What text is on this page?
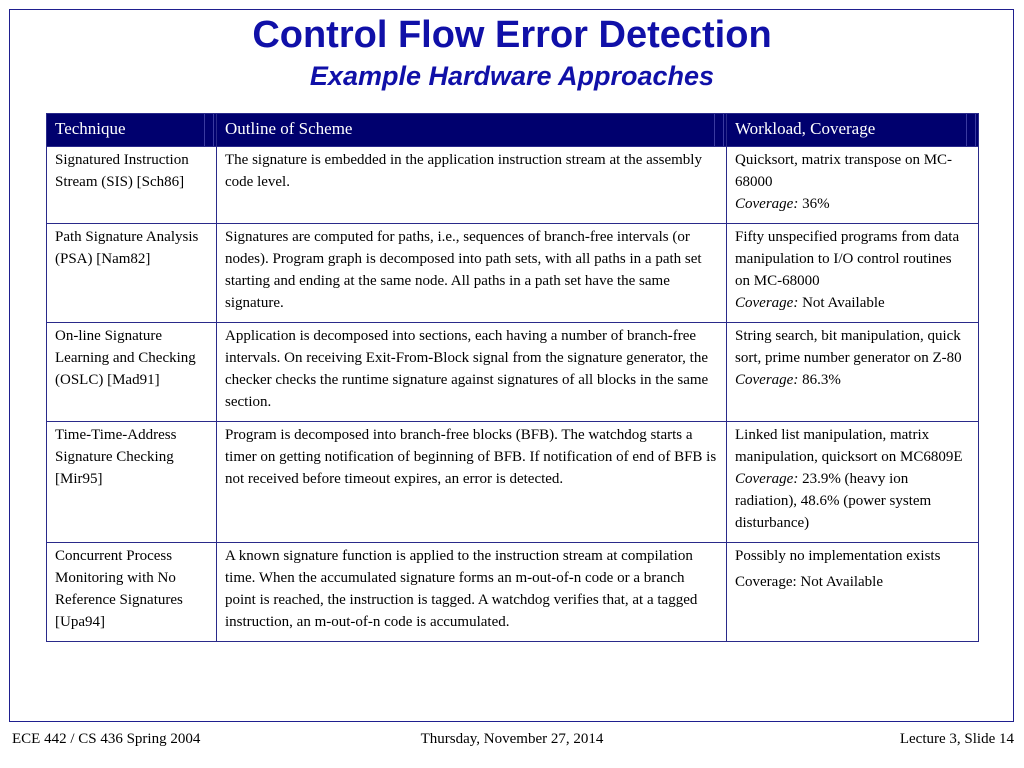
Control Flow Error Detection
Example Hardware Approaches
Technique	Outline of Scheme	Workload, Coverage
Signatured Instruction Stream (SIS) [Sch86]	The signature is embedded in the application instruction stream at the assembly code level.	Quicksort, matrix transpose on MC-68000
Coverage: 36%
Path Signature Analysis (PSA) [Nam82]	Signatures are computed for paths, i.e., sequences of branch-free intervals (or nodes). Program graph is decomposed into path sets, with all paths in a path set starting and ending at the same node. All paths in a path set have the same signature.	Fifty unspecified programs from data manipulation to I/O control routines on MC-68000
Coverage: Not Available
On-line Signature Learning and Checking (OSLC) [Mad91]	Application is decomposed into sections, each having a number of branch-free intervals. On receiving Exit-From-Block signal from the signature generator, the checker checks the runtime signature against signatures of all blocks in the same section.	String search, bit manipulation, quick sort, prime number generator on Z-80
Coverage: 86.3%
Time-Time-Address Signature Checking [Mir95]	Program is decomposed into branch-free blocks (BFB). The watchdog starts a timer on getting notification of beginning of BFB. If notification of end of BFB is not received before timeout expires, an error is detected.	Linked list manipulation, matrix manipulation, quicksort on MC6809E
Coverage: 23.9% (heavy ion radiation), 48.6% (power system disturbance)
Concurrent Process Monitoring with No Reference Signatures [Upa94]	A known signature function is applied to the instruction stream at compilation time. When the accumulated signature forms an m-out-of-n code or a branch point is reached, the instruction is tagged. A watchdog verifies that, at a tagged instruction, an m-out-of-n code is accumulated.	Possibly no implementation exists
Coverage: Not Available
ECE 442 / CS 436 Spring 2004	Thursday, November 27, 2014	Lecture 3, Slide 14
